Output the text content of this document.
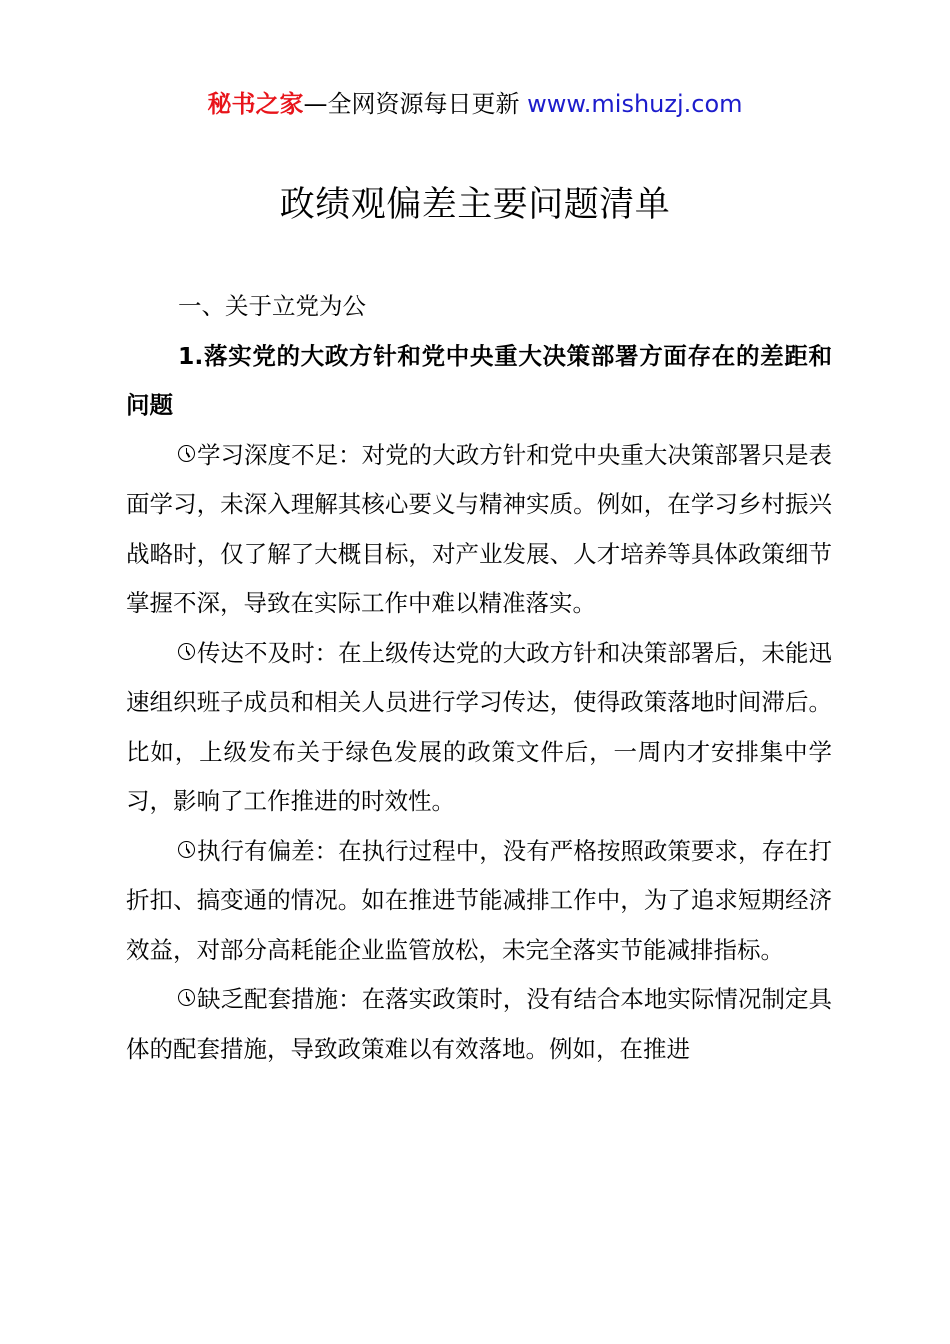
秘书之家—全网资源每日更新 www.mishuzj.com
政绩观偏差主要问题清单

一、关于立党为公

1.落实党的大政方针和党中央重大决策部署方面存在的差距和问题

学习深度不足：对党的大政方针和党中央重大决策部署只是表面学习，未深入理解其核心要义与精神实质。例如，在学习乡村振兴战略时，仅了解了大概目标，对产业发展、人才培养等具体政策细节掌握不深，导致在实际工作中难以精准落实。

传达不及时：在上级传达党的大政方针和决策部署后，未能迅速组织班子成员和相关人员进行学习传达，使得政策落地时间滞后。比如，上级发布关于绿色发展的政策文件后，一周内才安排集中学习，影响了工作推进的时效性。

执行有偏差：在执行过程中，没有严格按照政策要求，存在打折扣、搞变通的情况。如在推进节能减排工作中，为了追求短期经济效益，对部分高耗能企业监管放松，未完全落实节能减排指标。

缺乏配套措施：在落实政策时，没有结合本地实际情况制定具体的配套措施，导致政策难以有效落地。例如，在推进
